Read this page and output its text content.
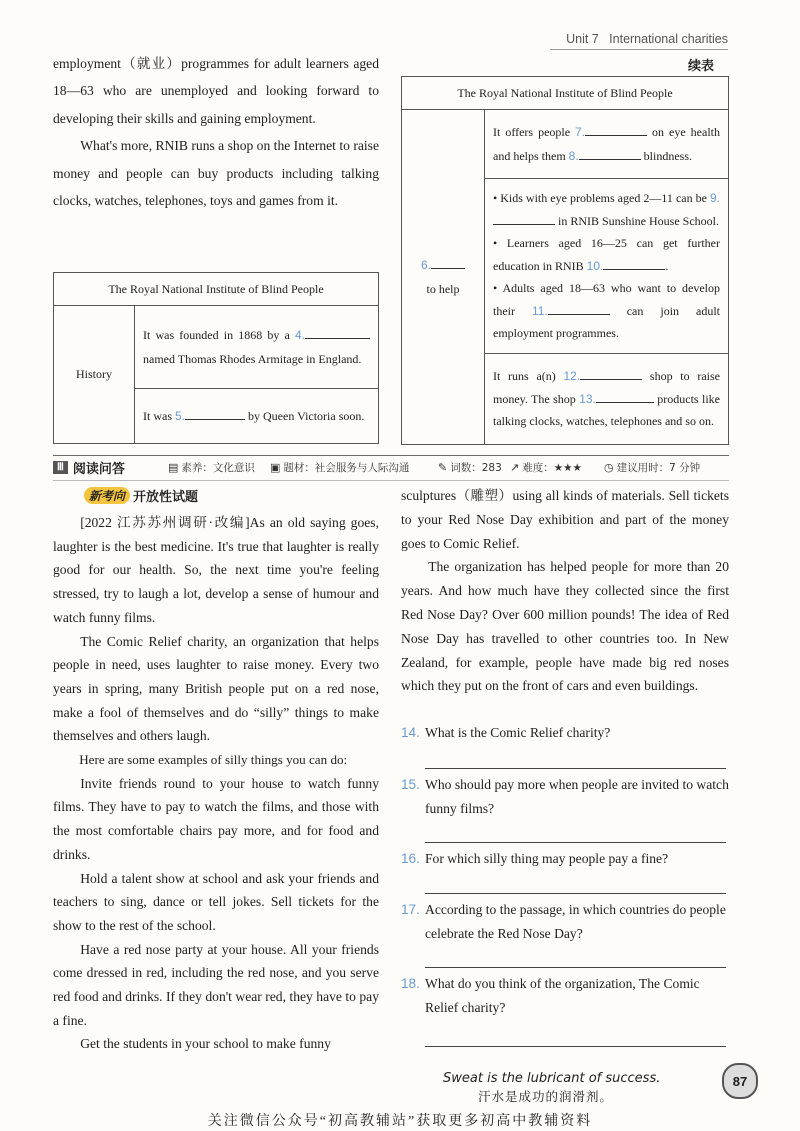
Unit 7 International charities

employment（就业）programmes for adult learners aged 18—63 who are unemployed and looking forward to developing their skills and gaining employment.

What's more, RNIB runs a shop on the Internet to raise money and people can buy products including talking clocks, watches, telephones, toys and games from it.

The Royal National Institute of Blind People
History	It was founded in 1868 by a 4. named Thomas Rhodes Armitage in England.
It was 5.	by Queen Victoria soon.
续表
The Royal National Institute of Blind People
6.
to help	It offers people 7.	on eye health and helps them 8.	blindness.

• Kids with eye problems aged 2—11 can be 9. in RNIB Sunshine House School.
• Learners aged 16—25 can get further education in RNIB 10.	.
• Adults aged 18—63 who want to develop their 11.	can join adult employment programmes.

It runs a(n) 12.	shop to raise money. The shop 13.	products like talking clocks, watches, telephones and so on.
Ⅲ 阅读问答	▤ 素养：文化意识 ▣ 题材：社会服务与人际沟通	✎ 词数：283 ↗ 难度：★★★ ◷ 建议用时：7 分钟
新考向 开放性试题

[2022 江苏苏州调研·改编]As an old saying goes, laughter is the best medicine. It's true that laughter is really good for our health. So, the next time you're feeling stressed, try to laugh a lot, develop a sense of humour and watch funny films.

The Comic Relief charity, an organization that helps people in need, uses laughter to raise money. Every two years in spring, many British people put on a red nose, make a fool of themselves and do “silly” things to make themselves and others laugh.

Here are some examples of silly things you can do:

Invite friends round to your house to watch funny films. They have to pay to watch the films, and those with the most comfortable chairs pay more, and for food and drinks.

Hold a talent show at school and ask your friends and teachers to sing, dance or tell jokes. Sell tickets for the show to the rest of the school.

Have a red nose party at your house. All your friends come dressed in red, including the red nose, and you serve red food and drinks. If they don't wear red, they have to pay a fine.

Get the students in your school to make funny

sculptures（雕塑）using all kinds of materials. Sell tickets to your Red Nose Day exhibition and part of the money goes to Comic Relief.

The organization has helped people for more than 20 years. And how much have they collected since the first Red Nose Day? Over 600 million pounds! The idea of Red Nose Day has travelled to other countries too. In New Zealand, for example, people have made big red noses which they put on the front of cars and even buildings.

14. What is the Comic Relief charity?
15. Who should pay more when people are invited to watch funny films?
16. For which silly thing may people pay a fine?
17. According to the passage, in which countries do people celebrate the Red Nose Day?
18. What do you think of the organization, The Comic Relief charity?
Sweat is the lubricant of success.
汗水是成功的润滑剂。
87
关注微信公众号“初高教辅站”获取更多初高中教辅资料
